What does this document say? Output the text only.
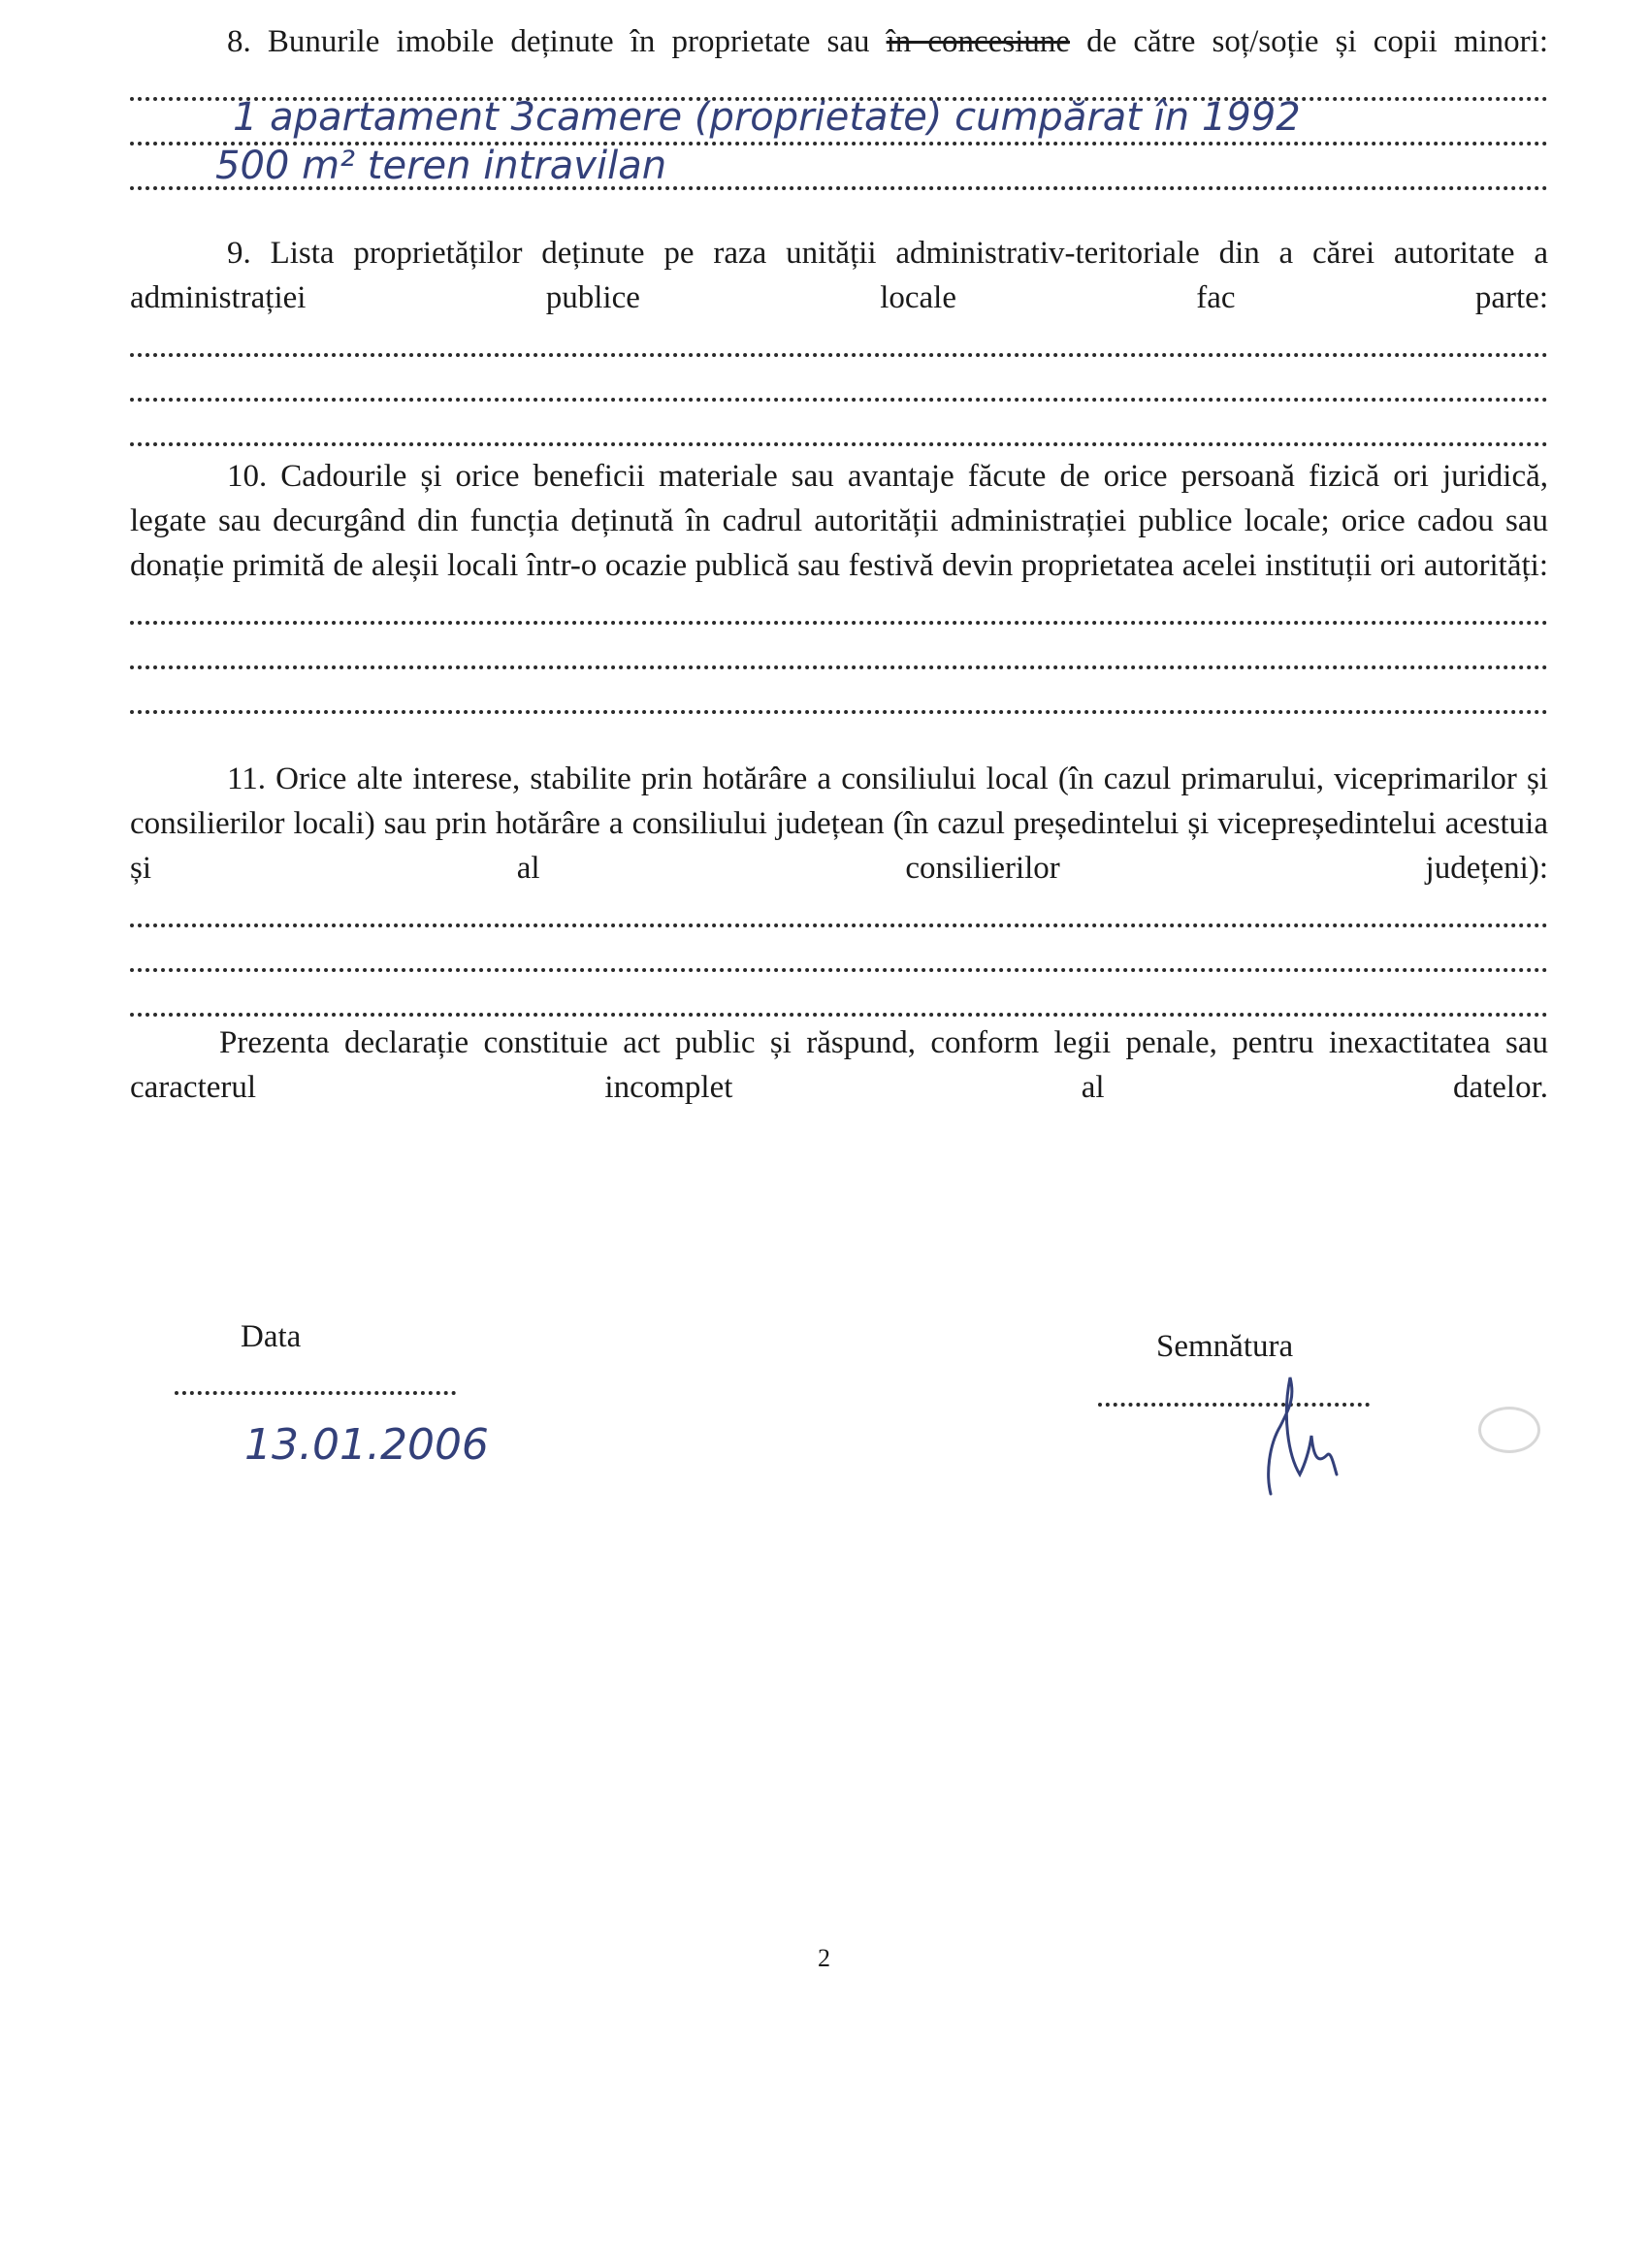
8. Bunurile imobile deținute în proprietate sau în concesiune de către soț/soție și copii minori:

1 apartament 3camere (proprietate) cumpărat în 1992
500 m² teren intravilan

9. Lista proprietăților deținute pe raza unității administrativ-teritoriale din a cărei autoritate a administrației publice locale fac parte:

10. Cadourile și orice beneficii materiale sau avantaje făcute de orice persoană fizică ori juridică, legate sau decurgând din funcția deținută în cadrul autorității administrației publice locale; orice cadou sau donație primită de aleșii locali într-o ocazie publică sau festivă devin proprietatea acelei instituții ori autorități:

11. Orice alte interese, stabilite prin hotărâre a consiliului local (în cazul primarului, viceprimarilor și consilierilor locali) sau prin hotărâre a consiliului județean (în cazul președintelui și vicepreședintelui acestuia și al consilierilor județeni):

Prezenta declarație constituie act public și răspund, conform legii penale, pentru inexactitatea sau caracterul incomplet al datelor.

Data
13.01.2006
Semnătura
2
